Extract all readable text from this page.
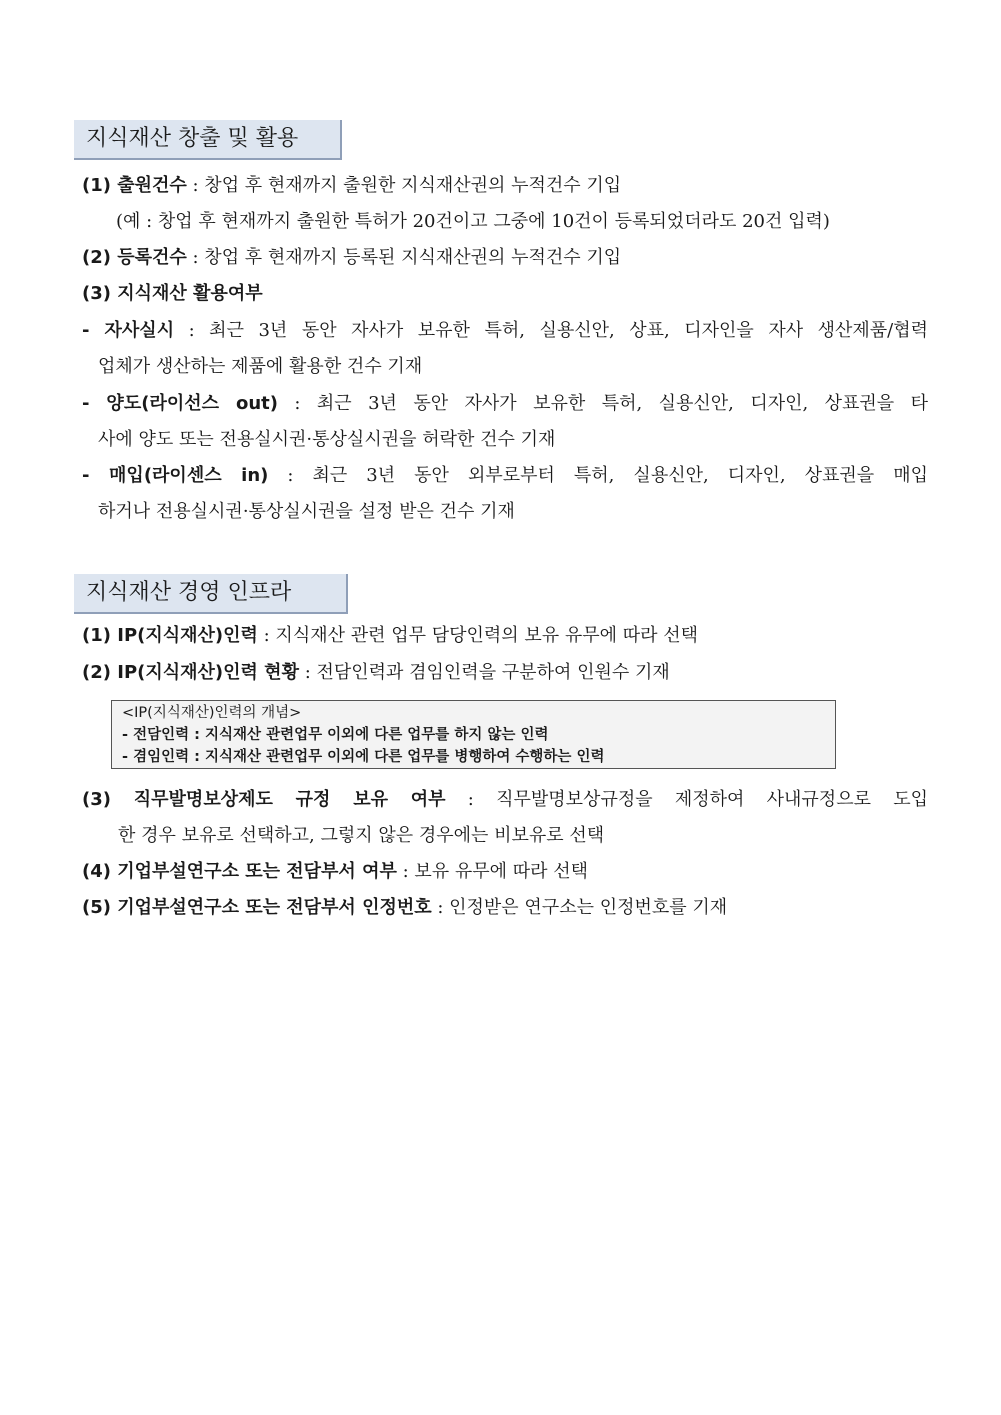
지식재산 창출 및 활용
(1) 출원건수 : 창업 후 현재까지 출원한 지식재산권의 누적건수 기입
(예 : 창업 후 현재까지 출원한 특허가 20건이고 그중에 10건이 등록되었더라도 20건 입력)
(2) 등록건수 : 창업 후 현재까지 등록된 지식재산권의 누적건수 기입
(3) 지식재산 활용여부
- 자사실시 : 최근 3년 동안 자사가 보유한 특허, 실용신안, 상표, 디자인을 자사 생산제품/협력
업체가 생산하는 제품에 활용한 건수 기재
- 양도(라이선스 out) : 최근 3년 동안 자사가 보유한 특허, 실용신안, 디자인, 상표권을 타
사에 양도 또는 전용실시권·통상실시권을 허락한 건수 기재
- 매입(라이센스 in) : 최근 3년 동안 외부로부터 특허, 실용신안, 디자인, 상표권을 매입
하거나 전용실시권·통상실시권을 설정 받은 건수 기재
지식재산 경영 인프라
(1) IP(지식재산)인력 : 지식재산 관련 업무 담당인력의 보유 유무에 따라 선택
(2) IP(지식재산)인력 현황 : 전담인력과 겸임인력을 구분하여 인원수 기재
<IP(지식재산)인력의 개념>
- 전담인력 : 지식재산 관련업무 이외에 다른 업무를 하지 않는 인력
- 겸임인력 : 지식재산 관련업무 이외에 다른 업무를 병행하여 수행하는 인력
(3) 직무발명보상제도 규정 보유 여부 : 직무발명보상규정을 제정하여 사내규정으로 도입
한 경우 보유로 선택하고, 그렇지 않은 경우에는 비보유로 선택
(4) 기업부설연구소 또는 전담부서 여부 : 보유 유무에 따라 선택
(5) 기업부설연구소 또는 전담부서 인정번호 : 인정받은 연구소는 인정번호를 기재
